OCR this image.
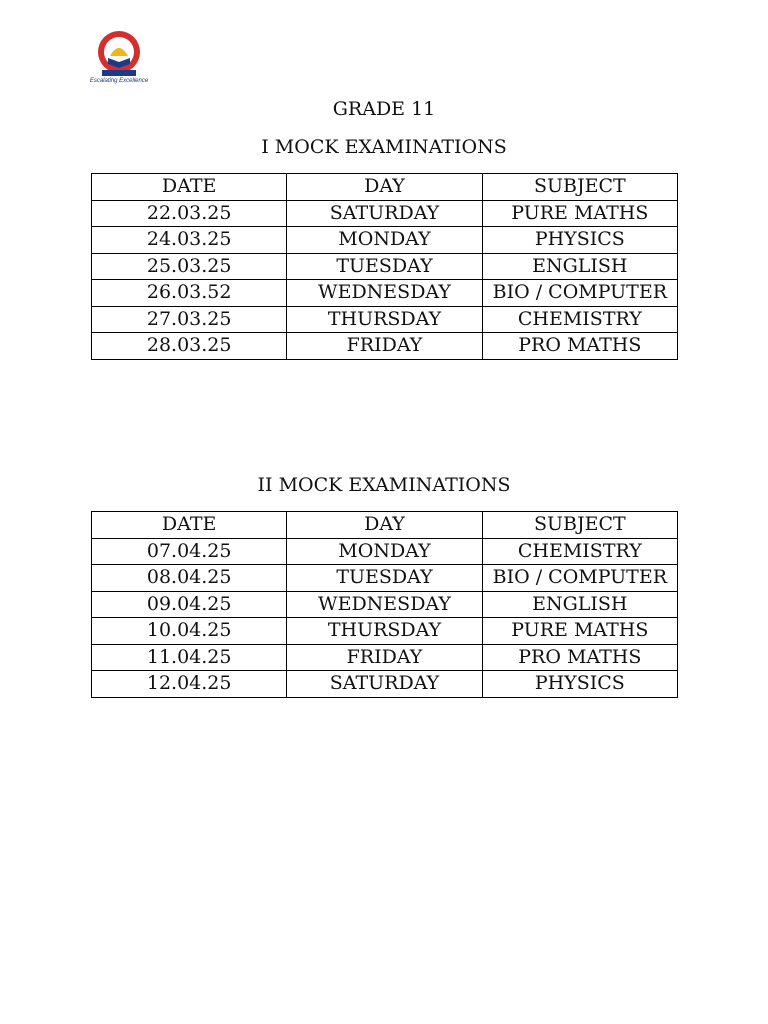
Escalating Excellence
GRADE 11
I MOCK EXAMINATIONS
DATE	DAY	SUBJECT
22.03.25	SATURDAY	PURE MATHS
24.03.25	MONDAY	PHYSICS
25.03.25	TUESDAY	ENGLISH
26.03.52	WEDNESDAY	BIO / COMPUTER
27.03.25	THURSDAY	CHEMISTRY
28.03.25	FRIDAY	PRO MATHS
II MOCK EXAMINATIONS
DATE	DAY	SUBJECT
07.04.25	MONDAY	CHEMISTRY
08.04.25	TUESDAY	BIO / COMPUTER
09.04.25	WEDNESDAY	ENGLISH
10.04.25	THURSDAY	PURE MATHS
11.04.25	FRIDAY	PRO MATHS
12.04.25	SATURDAY	PHYSICS
